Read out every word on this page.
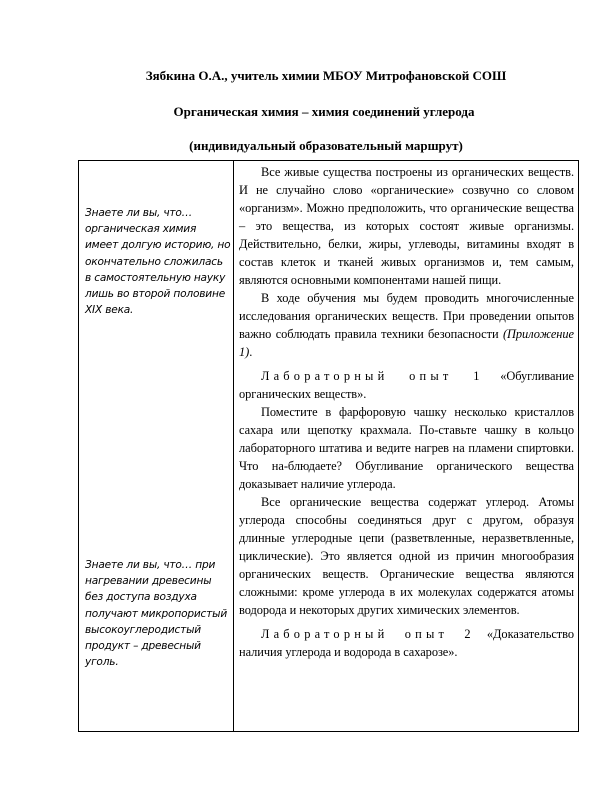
Зябкина О.А., учитель химии МБОУ Митрофановской СОШ
Органическая химия – химия соединений углерода
(индивидуальный образовательный маршрут)
Знаете ли вы, что… органическая химия имеет долгую историю, но окончательно сложилась в самостоятельную науку лишь во второй половине XIX века.
Знаете ли вы, что… при нагревании древесины без доступа воздуха получают микропористый высокоуглеродистый продукт – древесный уголь.

Все живые существа построены из органических веществ. И не случайно слово «органические» созвучно со словом «организм». Можно предположить, что органические вещества – это вещества, из которых состоят живые организмы. Действительно, белки, жиры, углеводы, витамины входят в состав клеток и тканей живых организмов и, тем самым, являются основными компонентами нашей пищи.

В ходе обучения мы будем проводить многочисленные исследования органических веществ. При проведении опытов важно соблюдать правила техники безопасности (Приложение 1).

Лабораторный опыт 1 «Обугливание органических веществ».

Поместите в фарфоровую чашку несколько кристаллов сахара или щепотку крахмала. По-ставьте чашку в кольцо лабораторного штатива и ведите нагрев на пламени спиртовки. Что на-блюдаете? Обугливание органического вещества доказывает наличие углерода.

Все органические вещества содержат углерод. Атомы углерода способны соединяться друг с другом, образуя длинные углеродные цепи (разветвленные, неразветвленные, циклические). Это является одной из причин многообразия органических веществ. Органические вещества являются сложными: кроме углерода в их молекулах содержатся атомы водорода и некоторых других химических элементов.

Лабораторный опыт 2 «Доказательство наличия углерода и водорода в сахарозе».
